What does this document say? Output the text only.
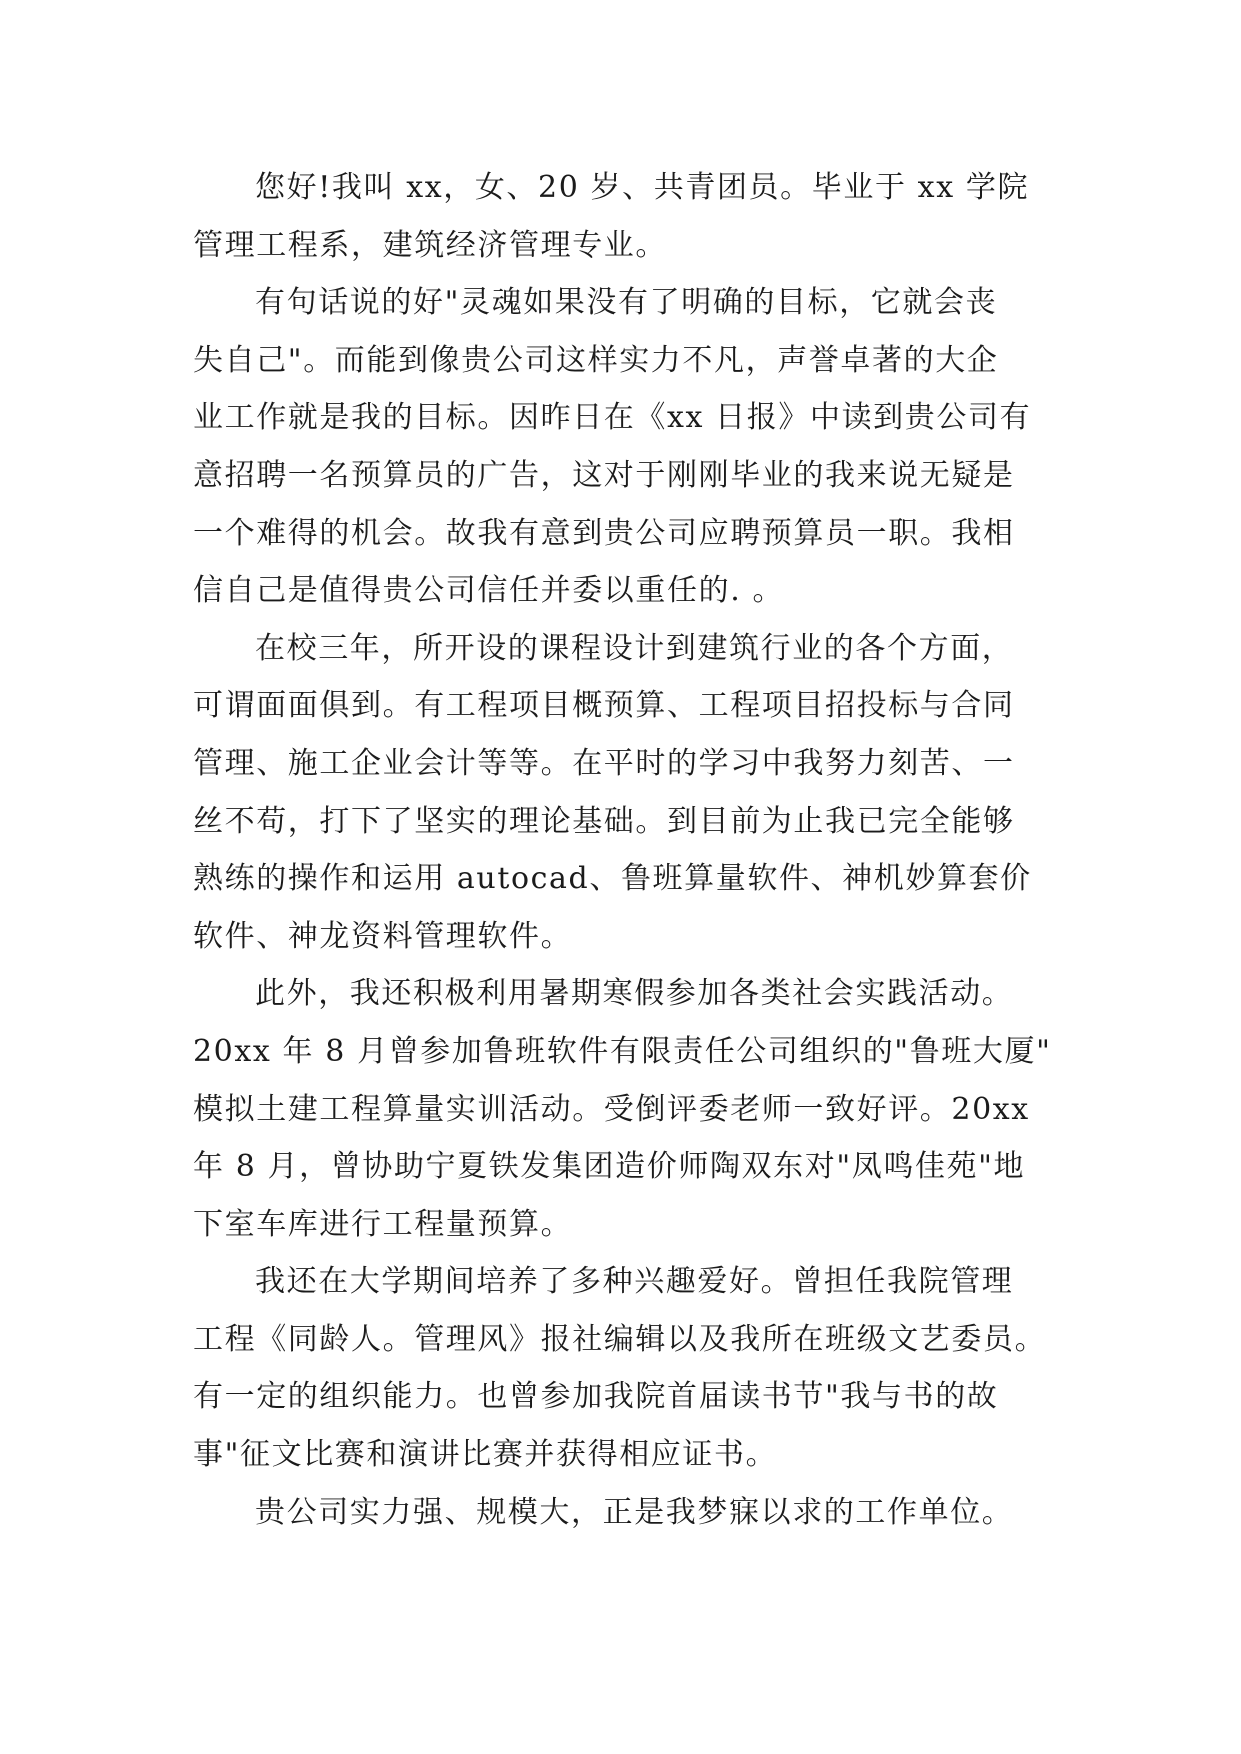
您好!我叫 xx，女、20 岁、共青团员。毕业于 xx 学院
管理工程系，建筑经济管理专业。

有句话说的好"灵魂如果没有了明确的目标，它就会丧
失自己"。而能到像贵公司这样实力不凡，声誉卓著的大企
业工作就是我的目标。因昨日在《xx 日报》中读到贵公司有
意招聘一名预算员的广告，这对于刚刚毕业的我来说无疑是
一个难得的机会。故我有意到贵公司应聘预算员一职。我相
信自己是值得贵公司信任并委以重任的. 。

在校三年，所开设的课程设计到建筑行业的各个方面，
可谓面面俱到。有工程项目概预算、工程项目招投标与合同
管理、施工企业会计等等。在平时的学习中我努力刻苦、一
丝不苟，打下了坚实的理论基础。到目前为止我已完全能够
熟练的操作和运用 autocad、鲁班算量软件、神机妙算套价
软件、神龙资料管理软件。

此外，我还积极利用暑期寒假参加各类社会实践活动。
20xx 年 8 月曾参加鲁班软件有限责任公司组织的"鲁班大厦"
模拟土建工程算量实训活动。受倒评委老师一致好评。20xx
年 8 月，曾协助宁夏铁发集团造价师陶双东对"凤鸣佳苑"地
下室车库进行工程量预算。

我还在大学期间培养了多种兴趣爱好。曾担任我院管理
工程《同龄人。管理风》报社编辑以及我所在班级文艺委员。
有一定的组织能力。也曾参加我院首届读书节"我与书的故
事"征文比赛和演讲比赛并获得相应证书。

贵公司实力强、规模大，正是我梦寐以求的工作单位。
